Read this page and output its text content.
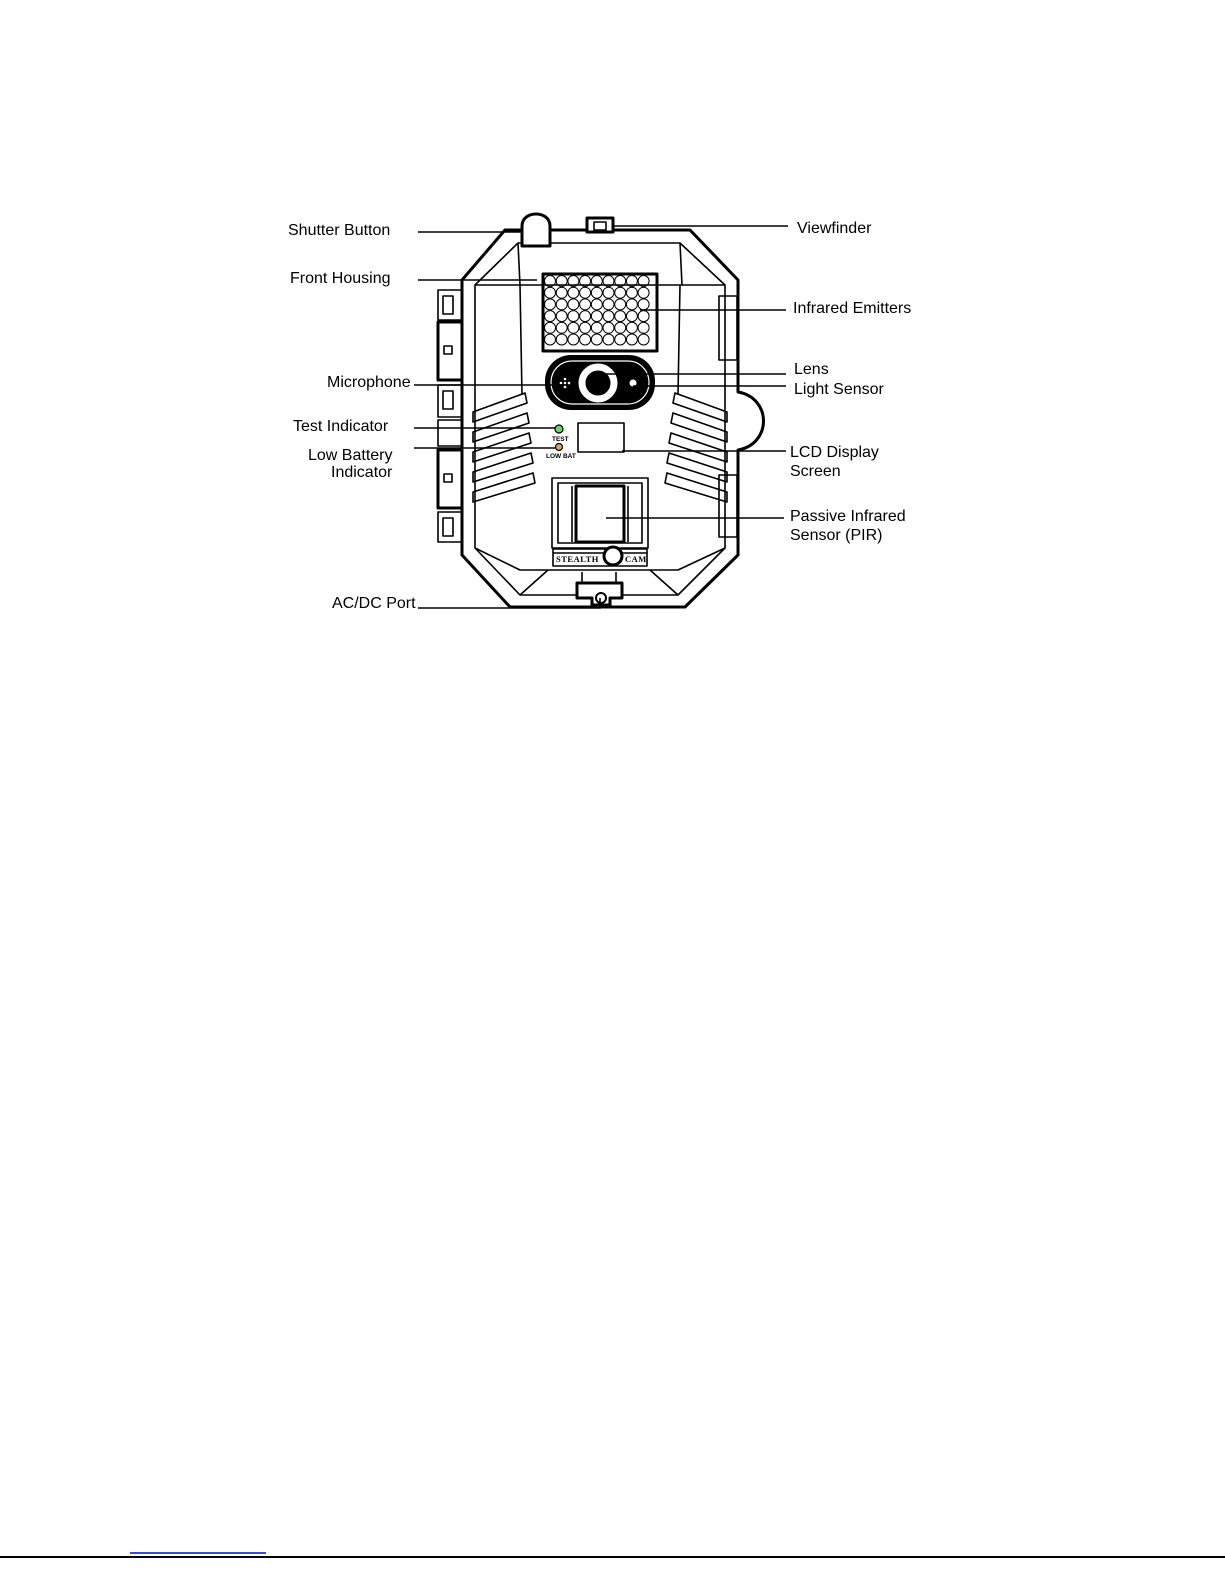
TEST
LOW BAT
STEALTH	CAM
Shutter Button
Front Housing
Microphone
Test Indicator
Low Battery
Indicator
Viewfinder
Infrared Emitters
Lens
Light Sensor
LCD Display
Screen
Passive Infrared
Sensor (PIR)
AC/DC Port
